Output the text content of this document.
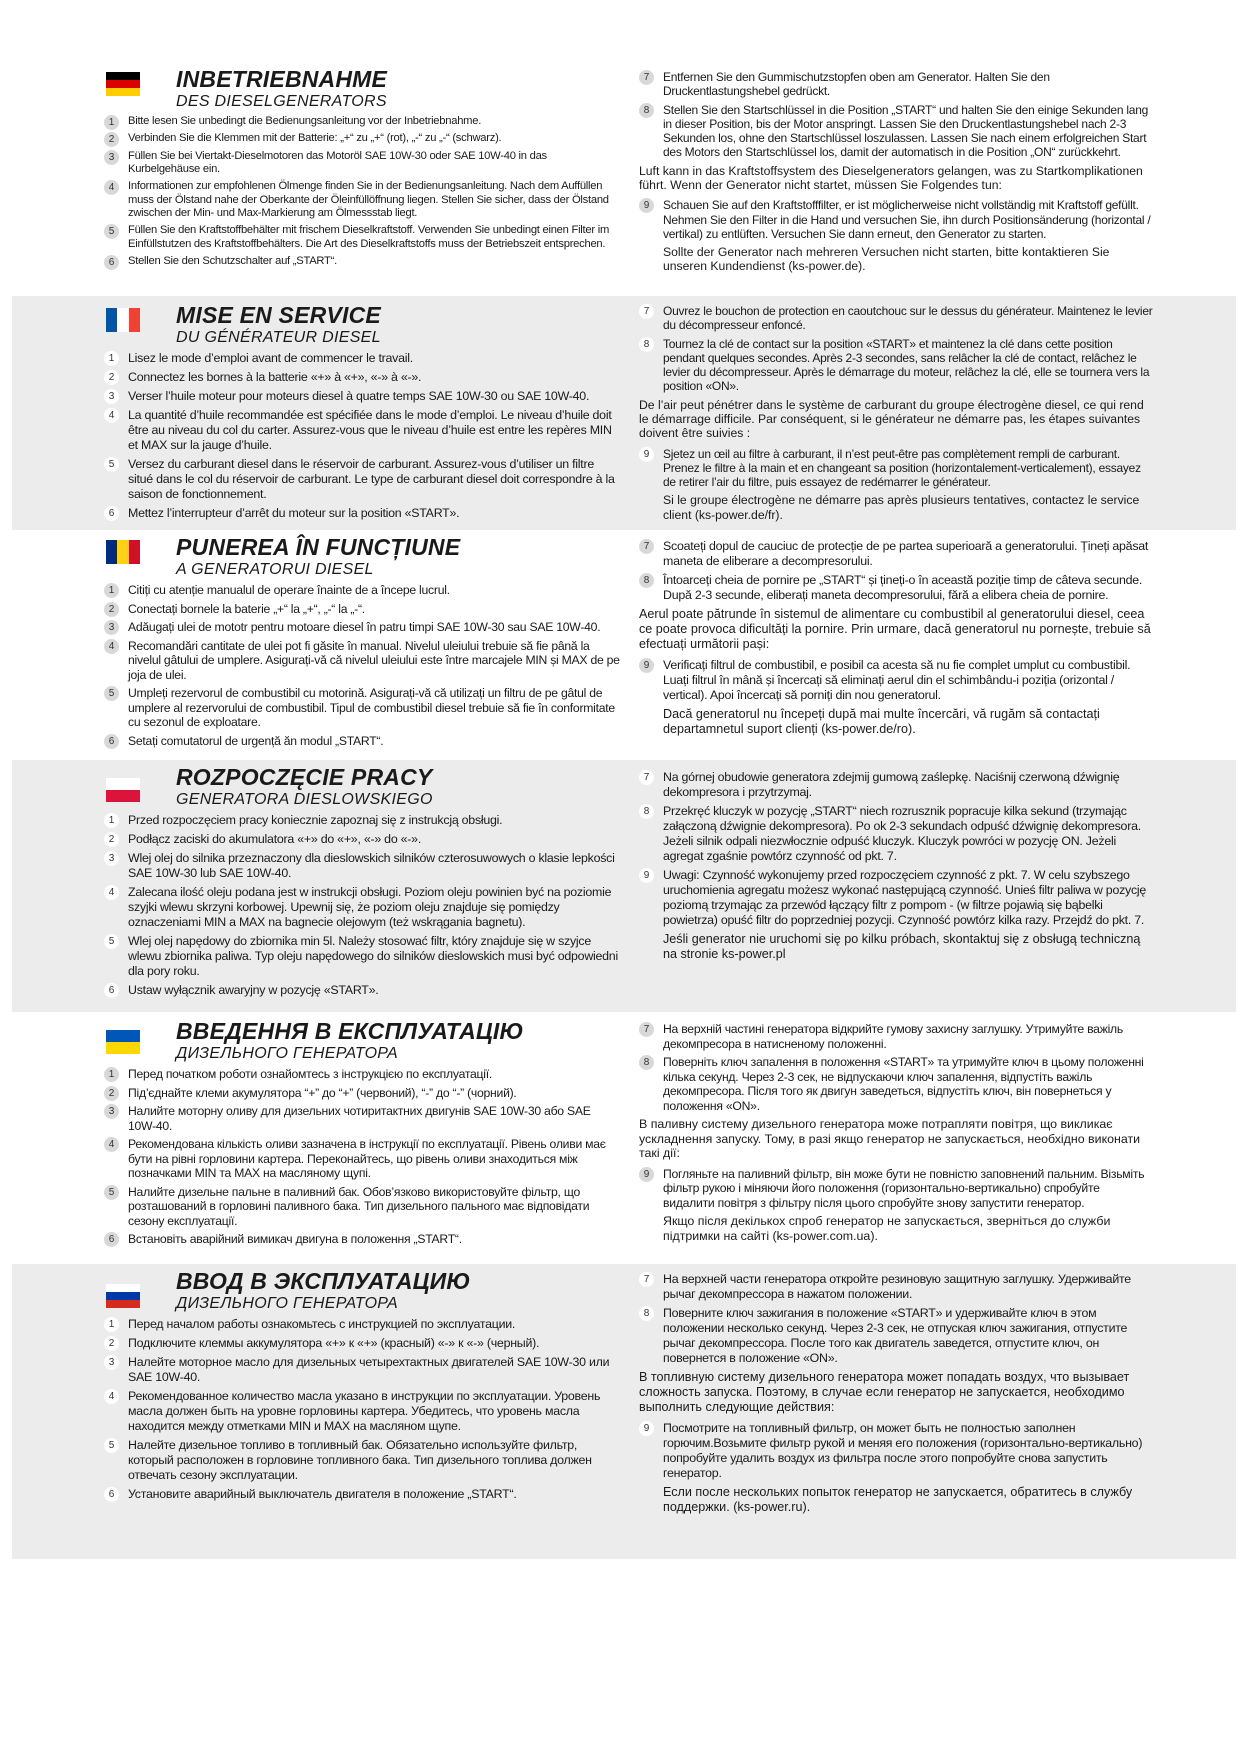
INBETRIEBNAHME
DES DIESELGENERATORS
1	Bitte lesen Sie unbedingt die Bedienungsanleitung vor der Inbetriebnahme.
2	Verbinden Sie die Klemmen mit der Batterie: „+“ zu „+“ (rot), „-“ zu „-“ (schwarz).
3	Füllen Sie bei Viertakt-Dieselmotoren das Motoröl SAE 10W-30 oder SAE 10W-40 in das Kurbelgehäuse ein.
4	Informationen zur empfohlenen Ölmenge finden Sie in der Bedienungsanleitung. Nach dem Auffüllen muss der Ölstand nahe der Oberkante der Öleinfüllöffnung liegen. Stellen Sie sicher, dass der Ölstand zwischen der Min- und Max-Markierung am Ölmessstab liegt.
5	Füllen Sie den Kraftstoffbehälter mit frischem Dieselkraftstoff. Verwenden Sie unbedingt einen Filter im Einfüllstutzen des Kraftstoffbehälters. Die Art des Dieselkraftstoffs muss der Betriebszeit entsprechen.
6	Stellen Sie den Schutzschalter auf „START“.
7	Entfernen Sie den Gummischutzstopfen oben am Generator. Halten Sie den Druckentlastungshebel gedrückt.
8	Stellen Sie den Startschlüssel in die Position „START“ und halten Sie den einige Sekunden lang in dieser Position, bis der Motor anspringt. Lassen Sie den Druckentlastungshebel nach 2-3 Sekunden los, ohne den Startschlüssel loszulassen. Lassen Sie nach einem erfolgreichen Start des Motors den Startschlüssel los, damit der automatisch in die Position „ON“ zurückkehrt.
Luft kann in das Kraftstoffsystem des Dieselgenerators gelangen, was zu Startkomplikationen führt. Wenn der Generator nicht startet, müssen Sie Folgendes tun:
9	Schauen Sie auf den Kraftstofffilter, er ist möglicherweise nicht vollständig mit Kraftstoff gefüllt. Nehmen Sie den Filter in die Hand und versuchen Sie, ihn durch Positionsänderung (horizontal / vertikal) zu entlüften. Versuchen Sie dann erneut, den Generator zu starten.
Sollte der Generator nach mehreren Versuchen nicht starten, bitte kontaktieren Sie unseren Kundendienst (ks-power.de).
MISE EN SERVICE
DU GÉNÉRATEUR DIESEL
1	Lisez le mode d’emploi avant de commencer le travail.
2	Connectez les bornes à la batterie «+» à «+», «-» à «-».
3	Verser l’huile moteur pour moteurs diesel à quatre temps SAE 10W-30 ou SAE 10W-40.
4	La quantité d’huile recommandée est spécifiée dans le mode d’emploi. Le niveau d’huile doit être au niveau du col du carter. Assurez-vous que le niveau d’huile est entre les repères MIN et MAX sur la jauge d’huile.
5	Versez du carburant diesel dans le réservoir de carburant. Assurez-vous d’utiliser un filtre situé dans le col du réservoir de carburant. Le type de carburant diesel doit correspondre à la saison de fonctionnement.
6	Mettez l’interrupteur d’arrêt du moteur sur la position «START».
7	Ouvrez le bouchon de protection en caoutchouc sur le dessus du générateur. Maintenez le levier du décompresseur enfoncé.
8	Tournez la clé de contact sur la position «START» et maintenez la clé dans cette position pendant quelques secondes. Après 2-3 secondes, sans relâcher la clé de contact, relâchez le levier du décompresseur. Après le démarrage du moteur, relâchez la clé, elle se tournera vers la position «ON».
De l’air peut pénétrer dans le système de carburant du groupe électrogène diesel, ce qui rend le démarrage difficile. Par conséquent, si le générateur ne démarre pas, les étapes suivantes doivent être suivies :
9	Sjetez un œil au filtre à carburant, il n’est peut-être pas complètement rempli de carburant. Prenez le filtre à la main et en changeant sa position (horizontalement-verticalement), essayez de retirer l’air du filtre, puis essayez de redémarrer le générateur.
Si le groupe électrogène ne démarre pas après plusieurs tentatives, contactez le service client (ks-power.de/fr).
PUNEREA ÎN FUNCȚIUNE
A GENERATORUI DIESEL
1	Citiți cu atenție manualul de operare înainte de a începe lucrul.
2	Conectați bornele la baterie „+“ la „+“, „-“ la „-“.
3	Adăugați ulei de mototr pentru motoare diesel în patru timpi SAE 10W-30 sau SAE 10W-40.
4	Recomandări cantitate de ulei pot fi găsite în manual. Nivelul uleiului trebuie să fie până la nivelul gâtului de umplere. Asigurați-vă că nivelul uleiului este între marcajele MIN și MAX de pe joja de ulei.
5	Umpleți rezervorul de combustibil cu motorină. Asigurați-vă că utilizați un filtru de pe gâtul de umplere al rezervorului de combustibil. Tipul de combustibil diesel trebuie să fie în conformitate cu sezonul de exploatare.
6	Setați comutatorul de urgență ăn modul „START“.
7	Scoateți dopul de cauciuc de protecție de pe partea superioară a generatorului. Țineți apăsat maneta de eliberare a decompresorului.
8	Întoarceți cheia de pornire pe „START“ și țineți-o în această poziție timp de câteva secunde. După 2-3 secunde, eliberați maneta decompresorului, fără a elibera cheia de pornire.
Aerul poate pătrunde în sistemul de alimentare cu combustibil al generatorului diesel, ceea ce poate provoca dificultăți la pornire. Prin urmare, dacă generatorul nu pornește, trebuie să efectuați următorii pași:
9	Verificați filtrul de combustibil, e posibil ca acesta să nu fie complet umplut cu combustibil. Luați filtrul în mână și încercați să eliminați aerul din el schimbându-i poziția (orizontal / vertical). Apoi încercați să porniți din nou generatorul.
Dacă generatorul nu începeți după mai multe încercări, vă rugăm să contactați departamnetul suport clienți (ks-power.de/ro).
ROZPOCZĘCIE PRACY
GENERATORA DIESLOWSKIEGO
1	Przed rozpoczęciem pracy koniecznie zapoznaj się z instrukcją obsługi.
2	Podłącz zaciski do akumulatora «+» do «+», «-» do «-».
3	Wlej olej do silnika przeznaczony dla dieslowskich silników czterosuwowych o klasie lepkości SAE 10W-30 lub SAE 10W-40.
4	Zalecana ilość oleju podana jest w instrukcji obsługi. Poziom oleju powinien być na poziomie szyjki wlewu skrzyni korbowej. Upewnij się, że poziom oleju znajduje się pomiędzy oznaczeniami MIN a MAX na bagnecie olejowym (też wskrągania bagnetu).
5	Wlej olej napędowy do zbiornika min 5l. Należy stosować filtr, który znajduje się w szyjce wlewu zbiornika paliwa. Typ oleju napędowego do silników dieslowskich musi być odpowiedni dla pory roku.
6	Ustaw wyłącznik awaryjny w pozycję «START».
7	Na górnej obudowie generatora zdejmij gumową zaślepkę. Naciśnij czerwoną dźwignię dekompresora i przytrzymaj.
8	Przekręć kluczyk w pozycję „START“ niech rozrusznik popracuje kilka sekund (trzymając załączoną dźwignie dekompresora). Po ok 2-3 sekundach odpuść dźwignię dekompresora. Jeżeli silnik odpali niezwłocznie odpuść kluczyk. Kluczyk powróci w pozycję ON. Jeżeli agregat zgaśnie powtórz czynność od pkt. 7.
9	Uwagi: Czynność wykonujemy przed rozpoczęciem czynność z pkt. 7. W celu szybszego uruchomienia agregatu możesz wykonać następującą czynność. Unieś filtr paliwa w pozycję poziomą trzymając za przewód łączący filtr z pompom - (w filtrze pojawią się bąbelki powietrza) opuść filtr do poprzedniej pozycji. Czynność powtórz kilka razy. Przejdź do pkt. 7.
Jeśli generator nie uruchomi się po kilku próbach, skontaktuj się z obsługą techniczną na stronie ks-power.pl
ВВЕДЕННЯ В ЕКСПЛУАТАЦІЮ
ДИЗЕЛЬНОГО ГЕНЕРАТОРА
1	Перед початком роботи ознайомтесь з інструкцією по експлуатації.
2	Під’єднайте клеми акумулятора “+” до “+” (червоний), “-” до “-” (чорний).
3	Налийте моторну оливу для дизельних чотиритактних двигунів SAE 10W-30 або SAE 10W-40.
4	Рекомендована кількість оливи зазначена в інструкції по експлуатації. Рівень оливи має бути на рівні горловини картера. Переконайтесь, що рівень оливи знаходиться між позначками MIN та MAX на масляному щупі.
5	Налийте дизельне пальне в паливний бак. Обов’язково використовуйте фільтр, що розташований в горловині паливного бака. Тип дизельного пального має відповідати сезону експлуатації.
6	Встановіть аварійний вимикач двигуна в положення „START“.
7	На верхній частині генератора відкрийте гумову захисну заглушку. Утримуйте важіль декомпресора в натисненому положенні.
8	Поверніть ключ запалення в положення «START» та утримуйте ключ в цьому положенні кілька секунд. Через 2-3 сек, не відпускаючи ключ запалення, відпустіть важіль декомпресора. Після того як двигун заведеться, відпустіть ключ, він повернеться у положення «ON».
В паливну систему дизельного генератора може потрапляти повітря, що викликає ускладнення запуску. Тому, в разі якщо генератор не запускається, необхідно виконати такі дії:
9	Погляньте на паливний фільтр, він може бути не повністю заповнений пальним. Візьміть фільтр рукою і міняючи його положення (горизонтально-вертикально) спробуйте видалити повітря з фільтру після цього спробуйте знову запустити генератор.
Якщо після декількох спроб генератор не запускається, зверніться до служби підтримки на сайті (ks-power.com.ua).
ВВОД В ЭКСПЛУАТАЦИЮ
ДИЗЕЛЬНОГО ГЕНЕРАТОРА
1	Перед началом работы ознакомьтесь с инструкцией по эксплуатации.
2	Подключите клеммы аккумулятора «+» к «+» (красный) «-» к «-» (черный).
3	Налейте моторное масло для дизельных четырехтактных двигателей SAE 10W-30 или SAE 10W-40.
4	Рекомендованное количество масла указано в инструкции по эксплуатации. Уровень масла должен быть на уровне горловины картера. Убедитесь, что уровень масла находится между отметками MIN и MAX на масляном щупе.
5	Налейте дизельное топливо в топливный бак. Обязательно используйте фильтр, который расположен в горловине топливного бака. Тип дизельного топлива должен отвечать сезону эксплуатации.
6	Установите аварийный выключатель двигателя в положение „START“.
7	На верхней части генератора откройте резиновую защитную заглушку. Удерживайте рычаг декомпрессора в нажатом положении.
8	Поверните ключ зажигания в положение «START» и удерживайте ключ в этом положении несколько секунд. Через 2-3 сек, не отпуская ключ зажигания, отпустите рычаг декомпрессора. После того как двигатель заведется, отпустите ключ, он повернется в положение «ON».
В топливную систему дизельного генератора может попадать воздух, что вызывает сложность запуска. Поэтому, в случае если генератор не запускается, необходимо выполнить следующие действия:
9	Посмотрите на топливный фильтр, он может быть не полностью заполнен горючим.Возьмите фильтр рукой и меняя его положения (горизонтально-вертикально) попробуйте удалить воздух из фильтра после этого попробуйте снова запустить генератор.
Если после нескольких попыток генератор не запускается, обратитесь в службу поддержки. (ks-power.ru).
